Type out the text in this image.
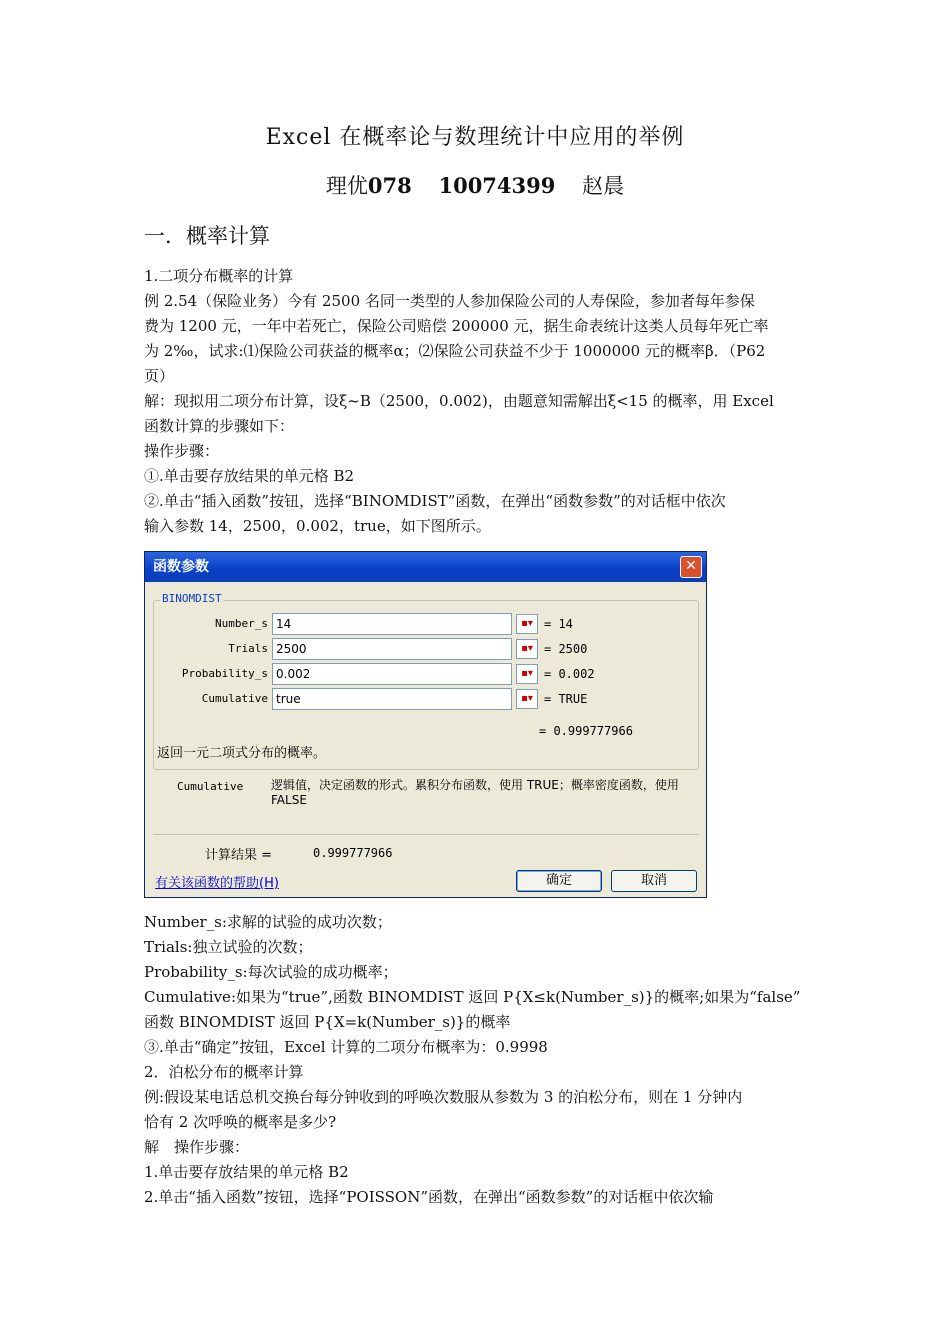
Excel 在概率论与数理统计中应用的举例
理优078 10074399 赵晨
一．概率计算

1.二项分布概率的计算

例 2.54（保险业务）今有 2500 名同一类型的人参加保险公司的人寿保险，参加者每年参保

费为 1200 元，一年中若死亡，保险公司赔偿 200000 元，据生命表统计这类人员每年死亡率

为 2‰，试求:⑴保险公司获益的概率α；⑵保险公司获益不少于 1000000 元的概率β．（P62

页）

解：现拟用二项分布计算，设ξ~B（2500，0.002)，由题意知需解出ξ<15 的概率，用 Excel

函数计算的步骤如下：

操作步骤：

①.单击要存放结果的单元格 B2

②.单击“插入函数”按钮，选择“BINOMDIST”函数，在弹出“函数参数”的对话框中依次

输入参数 14，2500，0.002，true，如下图所示。

函数参数	✕
BINOMDIST
Number_s 14	▪▾ = 14
Trials 2500	▪▾ = 2500
Probability_s 0.002	▪▾ = 0.002
Cumulative true	▪▾ = TRUE
= 0.999777966
返回一元二项式分布的概率。
Cumulative 逻辑值，决定函数的形式。累积分布函数，使用 TRUE；概率密度函数，使用 FALSE
计算结果 =	0.999777966
有关该函数的帮助(H)	确定	取消

Number_s:求解的试验的成功次数；

Trials:独立试验的次数；

Probability_s:每次试验的成功概率；

Cumulative:如果为“true”,函数 BINOMDIST 返回 P{X≤k(Number_s)}的概率;如果为“false”

函数 BINOMDIST 返回 P{X=k(Number_s)}的概率

③.单击“确定”按钮，Excel 计算的二项分布概率为：0.9998

2．泊松分布的概率计算

例:假设某电话总机交换台每分钟收到的呼唤次数服从参数为 3 的泊松分布，则在 1 分钟内

恰有 2 次呼唤的概率是多少?

解　操作步骤：

1.单击要存放结果的单元格 B2

2.单击“插入函数”按钮，选择“POISSON”函数，在弹出“函数参数”的对话框中依次输
